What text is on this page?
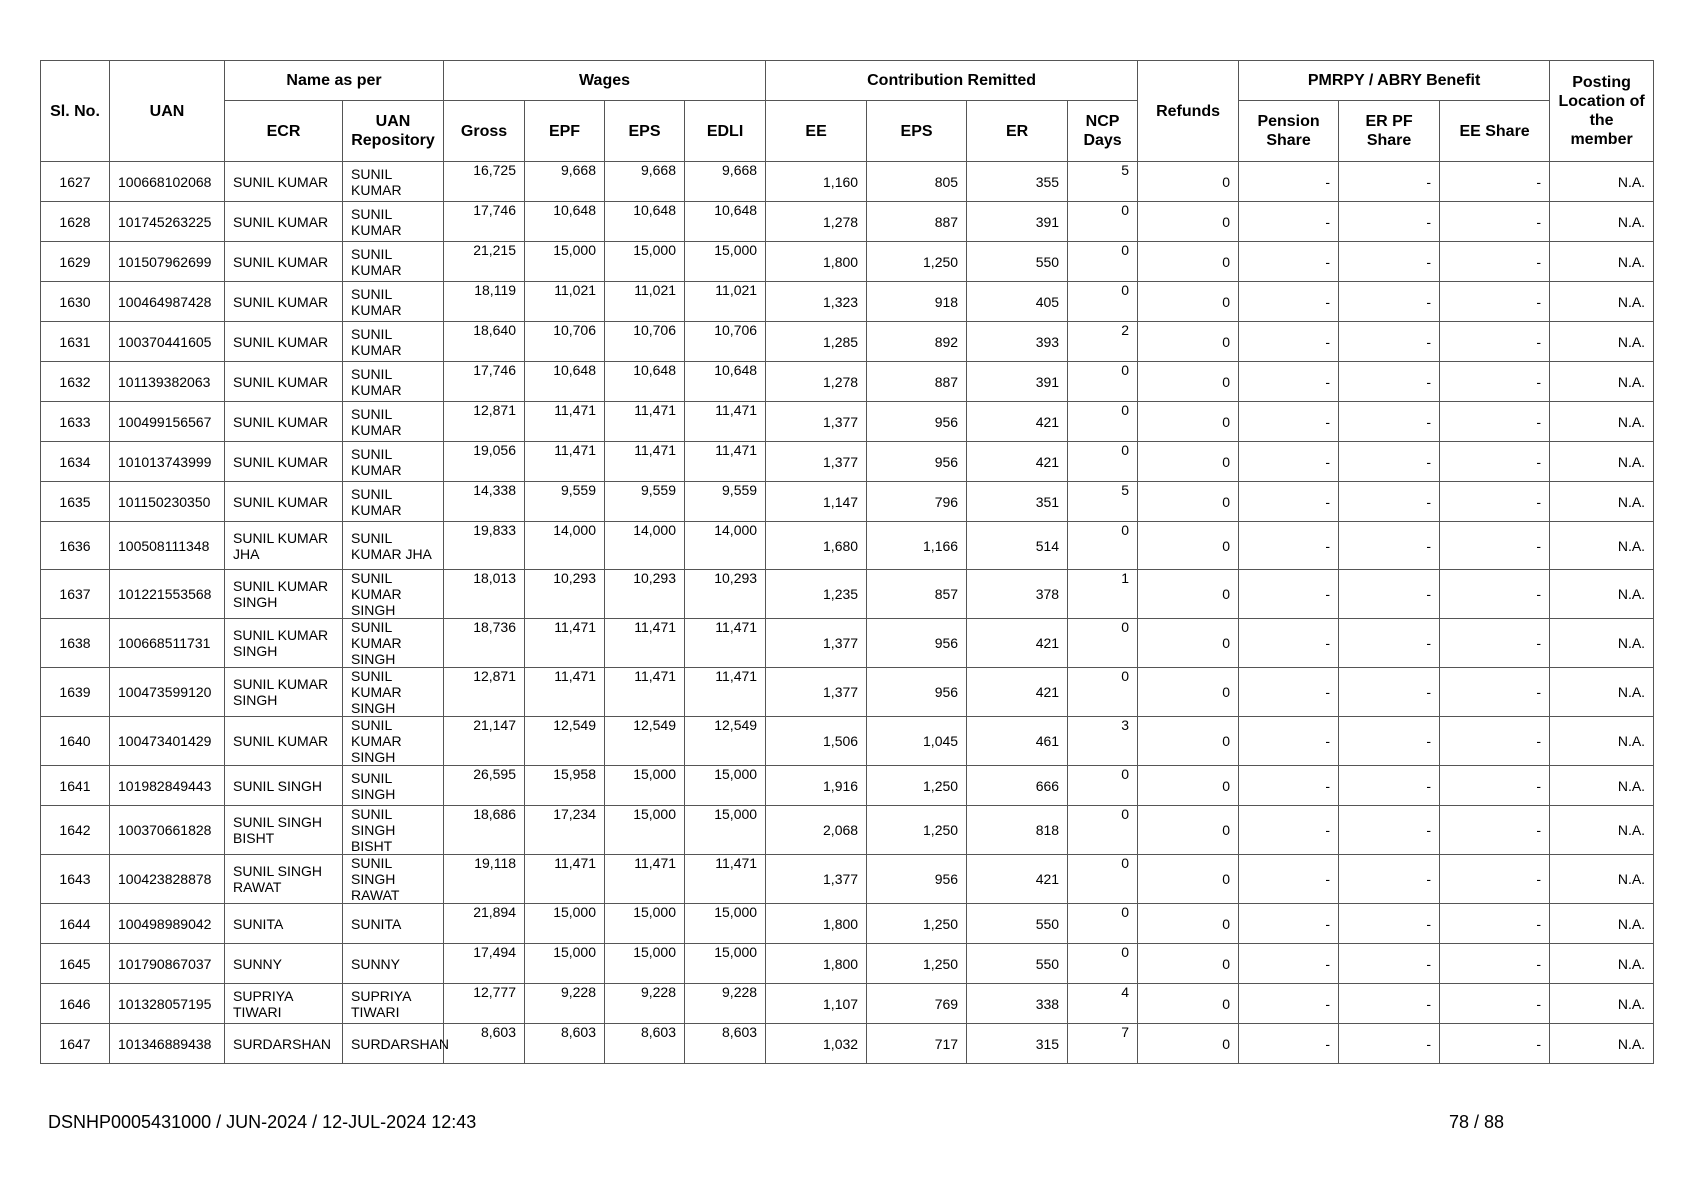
Sl. No.	UAN	Name as per		Wages				Contribution Remitted				Refunds	PMRPY / ABRY Benefit			Posting Location of the member
		ECR	UAN Repository	Gross	EPF	EPS	EDLI	EE	EPS	ER	NCP Days		Pension Share	ER PF Share	EE Share	
1627	100668102068	SUNIL KUMAR	SUNIL KUMAR	16,725	9,668	9,668	9,668	1,160	805	355	5	0	-	-	-	N.A.
1628	101745263225	SUNIL KUMAR	SUNIL KUMAR	17,746	10,648	10,648	10,648	1,278	887	391	0	0	-	-	-	N.A.
1629	101507962699	SUNIL KUMAR	SUNIL KUMAR	21,215	15,000	15,000	15,000	1,800	1,250	550	0	0	-	-	-	N.A.
1630	100464987428	SUNIL KUMAR	SUNIL KUMAR	18,119	11,021	11,021	11,021	1,323	918	405	0	0	-	-	-	N.A.
1631	100370441605	SUNIL KUMAR	SUNIL KUMAR	18,640	10,706	10,706	10,706	1,285	892	393	2	0	-	-	-	N.A.
1632	101139382063	SUNIL KUMAR	SUNIL KUMAR	17,746	10,648	10,648	10,648	1,278	887	391	0	0	-	-	-	N.A.
1633	100499156567	SUNIL KUMAR	SUNIL KUMAR	12,871	11,471	11,471	11,471	1,377	956	421	0	0	-	-	-	N.A.
1634	101013743999	SUNIL KUMAR	SUNIL KUMAR	19,056	11,471	11,471	11,471	1,377	956	421	0	0	-	-	-	N.A.
1635	101150230350	SUNIL KUMAR	SUNIL KUMAR	14,338	9,559	9,559	9,559	1,147	796	351	5	0	-	-	-	N.A.
1636	100508111348	SUNIL KUMAR JHA	SUNIL KUMAR JHA	19,833	14,000	14,000	14,000	1,680	1,166	514	0	0	-	-	-	N.A.
1637	101221553568	SUNIL KUMAR SINGH	SUNIL KUMAR SINGH	18,013	10,293	10,293	10,293	1,235	857	378	1	0	-	-	-	N.A.
1638	100668511731	SUNIL KUMAR SINGH	SUNIL KUMAR SINGH	18,736	11,471	11,471	11,471	1,377	956	421	0	0	-	-	-	N.A.
1639	100473599120	SUNIL KUMAR SINGH	SUNIL KUMAR SINGH	12,871	11,471	11,471	11,471	1,377	956	421	0	0	-	-	-	N.A.
1640	100473401429	SUNIL KUMAR	SUNIL KUMAR SINGH	21,147	12,549	12,549	12,549	1,506	1,045	461	3	0	-	-	-	N.A.
1641	101982849443	SUNIL SINGH	SUNIL SINGH	26,595	15,958	15,000	15,000	1,916	1,250	666	0	0	-	-	-	N.A.
1642	100370661828	SUNIL SINGH BISHT	SUNIL SINGH BISHT	18,686	17,234	15,000	15,000	2,068	1,250	818	0	0	-	-	-	N.A.
1643	100423828878	SUNIL SINGH RAWAT	SUNIL SINGH RAWAT	19,118	11,471	11,471	11,471	1,377	956	421	0	0	-	-	-	N.A.
1644	100498989042	SUNITA	SUNITA	21,894	15,000	15,000	15,000	1,800	1,250	550	0	0	-	-	-	N.A.
1645	101790867037	SUNNY	SUNNY	17,494	15,000	15,000	15,000	1,800	1,250	550	0	0	-	-	-	N.A.
1646	101328057195	SUPRIYA TIWARI	SUPRIYA TIWARI	12,777	9,228	9,228	9,228	1,107	769	338	4	0	-	-	-	N.A.
1647	101346889438	SURDARSHAN	SURDARSHAN	8,603	8,603	8,603	8,603	1,032	717	315	7	0	-	-	-	N.A.
DSNHP0005431000 / JUN-2024 / 12-JUL-2024 12:43	78 / 88
